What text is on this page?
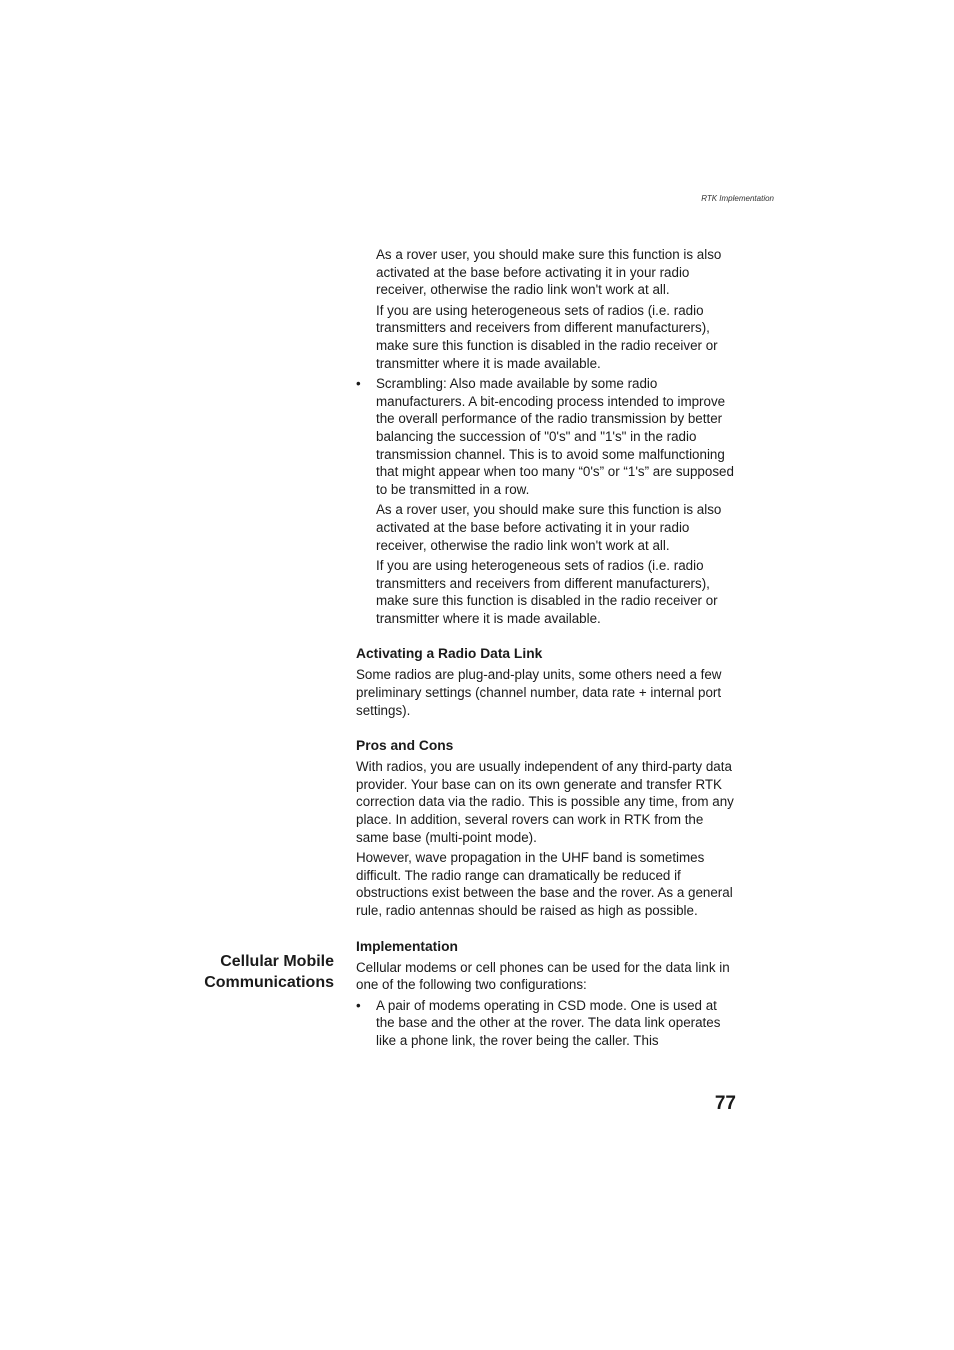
RTK Implementation

As a rover user, you should make sure this function is also activated at the base before activating it in your radio receiver, otherwise the radio link won't work at all.

If you are using heterogeneous sets of radios (i.e. radio transmitters and receivers from different manufacturers), make sure this function is disabled in the radio receiver or transmitter where it is made available.

• Scrambling: Also made available by some radio manufacturers. A bit-encoding process intended to improve the overall performance of the radio transmission by better balancing the succession of "0's" and "1's" in the radio transmission channel. This is to avoid some malfunctioning that might appear when too many “0's” or “1's” are supposed to be transmitted in a row.

As a rover user, you should make sure this function is also activated at the base before activating it in your radio receiver, otherwise the radio link won't work at all.

If you are using heterogeneous sets of radios (i.e. radio transmitters and receivers from different manufacturers), make sure this function is disabled in the radio receiver or transmitter where it is made available.

Activating a Radio Data Link

Some radios are plug-and-play units, some others need a few preliminary settings (channel number, data rate + internal port settings).

Pros and Cons

With radios, you are usually independent of any third-party data provider. Your base can on its own generate and transfer RTK correction data via the radio. This is possible any time, from any place. In addition, several rovers can work in RTK from the same base (multi-point mode).

However, wave propagation in the UHF band is sometimes difficult. The radio range can dramatically be reduced if obstructions exist between the base and the rover. As a general rule, radio antennas should be raised as high as possible.

Implementation

Cellular modems or cell phones can be used for the data link in one of the following two configurations:

• A pair of modems operating in CSD mode. One is used at the base and the other at the rover. The data link operates like a phone link, the rover being the caller. This
Cellular Mobile
Communications
77
